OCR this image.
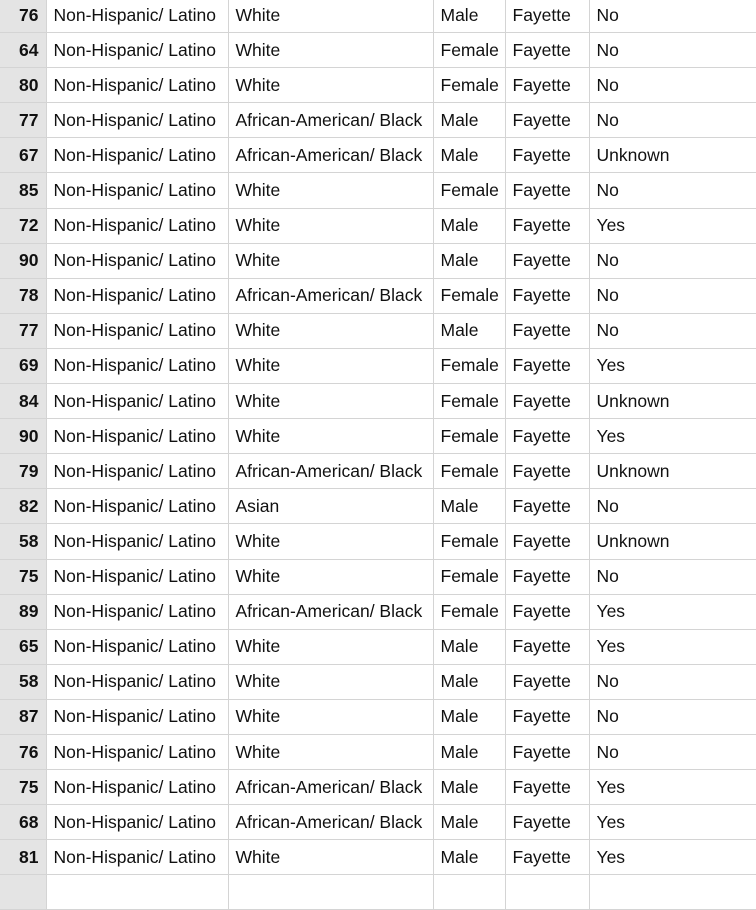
76	Non-Hispanic/ Latino	White	Male	Fayette	No
64	Non-Hispanic/ Latino	White	Female	Fayette	No
80	Non-Hispanic/ Latino	White	Female	Fayette	No
77	Non-Hispanic/ Latino	African-American/ Black	Male	Fayette	No
67	Non-Hispanic/ Latino	African-American/ Black	Male	Fayette	Unknown
85	Non-Hispanic/ Latino	White	Female	Fayette	No
72	Non-Hispanic/ Latino	White	Male	Fayette	Yes
90	Non-Hispanic/ Latino	White	Male	Fayette	No
78	Non-Hispanic/ Latino	African-American/ Black	Female	Fayette	No
77	Non-Hispanic/ Latino	White	Male	Fayette	No
69	Non-Hispanic/ Latino	White	Female	Fayette	Yes
84	Non-Hispanic/ Latino	White	Female	Fayette	Unknown
90	Non-Hispanic/ Latino	White	Female	Fayette	Yes
79	Non-Hispanic/ Latino	African-American/ Black	Female	Fayette	Unknown
82	Non-Hispanic/ Latino	Asian	Male	Fayette	No
58	Non-Hispanic/ Latino	White	Female	Fayette	Unknown
75	Non-Hispanic/ Latino	White	Female	Fayette	No
89	Non-Hispanic/ Latino	African-American/ Black	Female	Fayette	Yes
65	Non-Hispanic/ Latino	White	Male	Fayette	Yes
58	Non-Hispanic/ Latino	White	Male	Fayette	No
87	Non-Hispanic/ Latino	White	Male	Fayette	No
76	Non-Hispanic/ Latino	White	Male	Fayette	No
75	Non-Hispanic/ Latino	African-American/ Black	Male	Fayette	Yes
68	Non-Hispanic/ Latino	African-American/ Black	Male	Fayette	Yes
81	Non-Hispanic/ Latino	White	Male	Fayette	Yes
